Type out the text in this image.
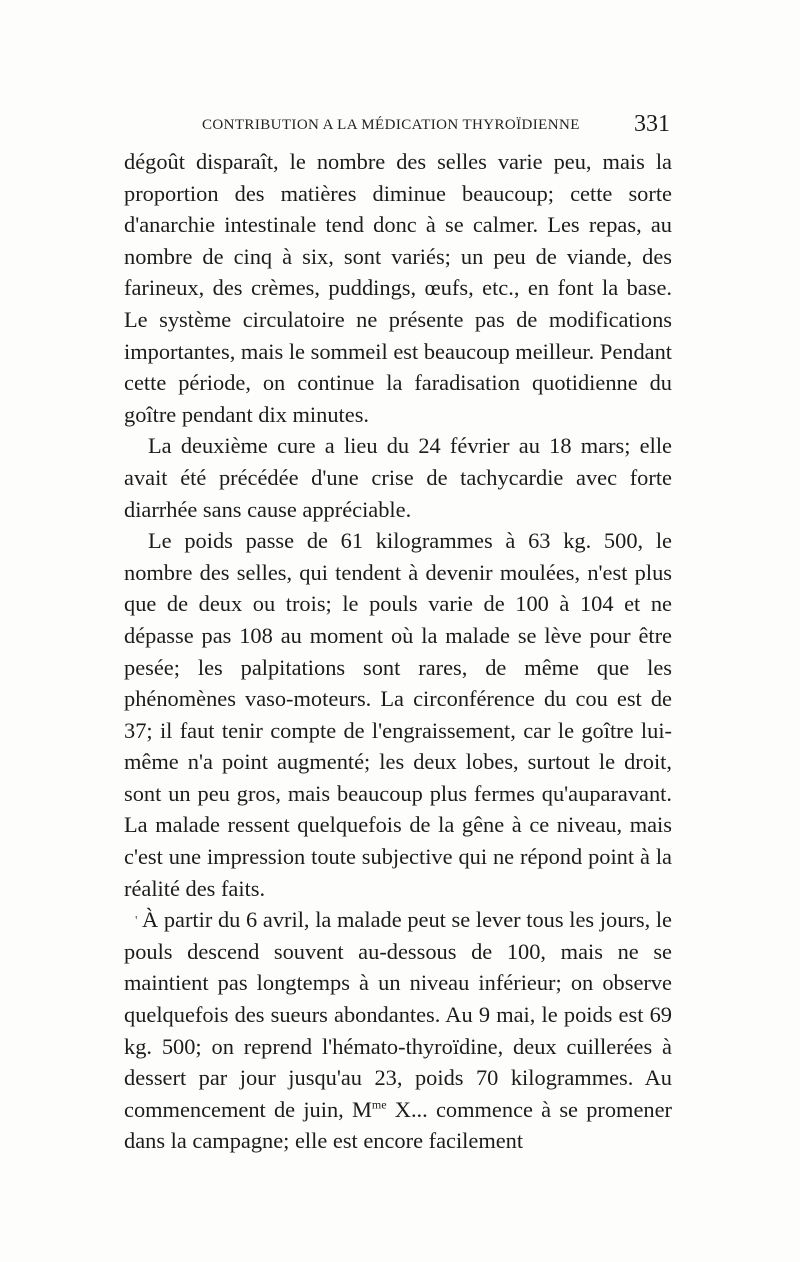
CONTRIBUTION A LA MÉDICATION THYROÏDIENNE 331

dégoût disparaît, le nombre des selles varie peu, mais la proportion des matières diminue beaucoup; cette sorte d'anarchie intestinale tend donc à se calmer. Les repas, au nombre de cinq à six, sont variés; un peu de viande, des farineux, des crèmes, puddings, œufs, etc., en font la base. Le système circulatoire ne présente pas de modifications importantes, mais le sommeil est beaucoup meilleur. Pendant cette période, on continue la faradisation quotidienne du goître pendant dix minutes.

La deuxième cure a lieu du 24 février au 18 mars; elle avait été précédée d'une crise de tachycardie avec forte diarrhée sans cause appréciable.

Le poids passe de 61 kilogrammes à 63 kg. 500, le nombre des selles, qui tendent à devenir moulées, n'est plus que de deux ou trois; le pouls varie de 100 à 104 et ne dépasse pas 108 au moment où la malade se lève pour être pesée; les palpitations sont rares, de même que les phénomènes vaso-moteurs. La circonférence du cou est de 37; il faut tenir compte de l'engraissement, car le goître lui-même n'a point augmenté; les deux lobes, surtout le droit, sont un peu gros, mais beaucoup plus fermes qu'auparavant. La malade ressent quelquefois de la gêne à ce niveau, mais c'est une impression toute subjective qui ne répond point à la réalité des faits.

' À partir du 6 avril, la malade peut se lever tous les jours, le pouls descend souvent au-dessous de 100, mais ne se maintient pas longtemps à un niveau inférieur; on observe quelquefois des sueurs abondantes. Au 9 mai, le poids est 69 kg. 500; on reprend l'hémato-thyroïdine, deux cuillerées à dessert par jour jusqu'au 23, poids 70 kilogrammes. Au commencement de juin, $M^{me}$ X... commence à se promener dans la campagne; elle est encore facilement
